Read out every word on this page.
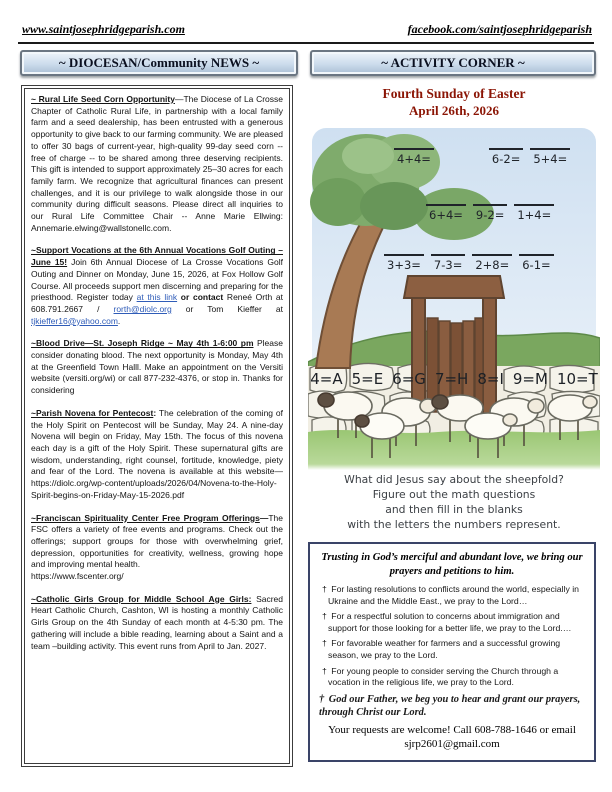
www.saintjosephridgeparish.com	facebook.com/saintjosephridgeparish
~ DIOCESAN/Community NEWS ~	~ ACTIVITY CORNER ~
~ Rural Life Seed Corn Opportunity—The Diocese of La Crosse Chapter of Catholic Rural Life, in partnership with a local family farm and a seed dealership, has been entrusted with a generous opportunity to give back to our farming community. We are pleased to offer 30 bags of current-year, high-quality 99-day seed corn -- free of charge -- to be shared among three deserving recipients. This gift is intended to support approximately 25–30 acres for each family farm. We recognize that agricultural finances can present challenges, and it is our privilege to walk alongside those in our community during difficult seasons. Please direct all inquiries to our Rural Life Committee Chair -- Anne Marie Ellwing: Annemarie.elwing@wallstonellc.com.
~Support Vocations at the 6th Annual Vocations Golf Outing – June 15! Join 6th Annual Diocese of La Crosse Vocations Golf Outing and Dinner on Monday, June 15, 2026, at Fox Hollow Golf Course. All proceeds support men discerning and preparing for the priesthood. Register today at this link or contact Reneé Orth at 608.791.2667 / rorth@diolc.org or Tom Kieffer at tjkieffer16@yahoo.com.
~Blood Drive—St. Joseph Ridge ~ May 4th 1-6:00 pm Please consider donating blood. The next opportunity is Monday, May 4th at the Greenfield Town Halll. Make an appointment on the Versiti website (versiti.org/wi) or call 877-232-4376, or stop in. Thanks for considering
~Parish Novena for Pentecost: The celebration of the coming of the Holy Spirit on Pentecost will be Sunday, May 24. A nine-day Novena will begin on Friday, May 15th. The focus of this novena each day is a gift of the Holy Spirit. These supernatural gifts are wisdom, understanding, right counsel, fortitude, knowledge, piety and fear of the Lord. The novena is available at this website—https://diolc.org/wp-content/uploads/2026/04/Novena-to-the-Holy-Spirit-begins-on-Friday-May-15-2026.pdf
~Franciscan Spirituality Center Free Program Offerings—The FSC offers a variety of free events and programs. Check out the offerings; support groups for those with overwhelming grief, depression, opportunities for creativity, wellness, growing hope and improving mental health.
https://www.fscenter.org/
~Catholic Girls Group for Middle School Age Girls: Sacred Heart Catholic Church, Cashton, WI is hosting a monthly Catholic Girls Group on the 4th Sunday of each month at 4-5:30 pm. The gathering will include a bible reading, learning about a Saint and a team –building activity. This event runs from April to Jan. 2027.
Fourth Sunday of Easter
April 26th, 2026
4+4=	6-2= 5+4=
6+4= 9-2= 1+4=
3+3= 7-3= 2+8= 6-1=
4=A 5=E 6=G 7=H 8=I 9=M 10=T
What did Jesus say about the sheepfold?
Figure out the math questions
and then fill in the blanks
with the letters the numbers represent.
Trusting in God’s merciful and abundant love, we bring our prayers and petitions to him.
† For lasting resolutions to conflicts around the world, especially in Ukraine and the Middle East., we pray to the Lord…
† For a respectful solution to concerns about immigration and support for those looking for a better life, we pray to the Lord.…
† For favorable weather for farmers and a successful growing season, we pray to the Lord.
† For young people to consider serving the Church through a vocation in the religious life, we pray to the Lord.
† God our Father, we beg you to hear and grant our prayers, through Christ our Lord.
Your requests are welcome! Call 608-788-1646 or email
sjrp2601@gmail.com
